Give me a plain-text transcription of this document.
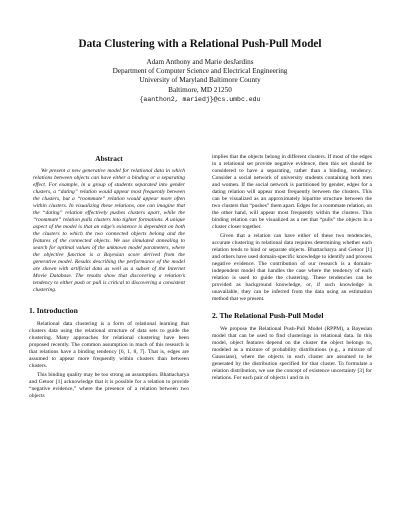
Data Clustering with a Relational Push-Pull Model
Adam Anthony and Marie desJardins
Department of Computer Science and Electrical Engineering
University of Maryland Baltimore County
Baltimore, MD 21250
{aanthon2, mariedj}@cs.umbc.edu
Abstract

We present a new generative model for relational data in which relations between objects can have either a binding or a separating effect. For example, in a group of students separated into gender clusters, a “dating” relation would appear most frequently between the clusters, but a “roommate” relation would appear more often within clusters. In visualizing these relations, one can imagine that the “dating” relation effectively pushes clusters apart, while the “roommate” relation pulls clusters into tighter formations. A unique aspect of the model is that an edge’s existence is dependent on both the clusters to which the two connected objects belong and the features of the connected objects. We use simulated annealing to search for optimal values of the unknown model parameters, where the objective function is a Bayesian score derived from the generative model. Results describing the performance of the model are shown with artificial data as well as a subset of the Internet Movie Database. The results show that discovering a relation’s tendency to either push or pull is critical to discovering a consistent clustering.

1. Introduction

Relational data clustering is a form of relational learning that clusters data using the relational structure of data sets to guide the clustering. Many approaches for relational clustering have been proposed recently. The common assumption in much of this research is that relations have a binding tendency [6, 1, 8, 7]. That is, edges are assumed to appear more frequently within clusters than between clusters.

This binding quality may be too strong an assumption. Bhattacharya and Getoor [1] acknowledge that it is possible for a relation to provide “negative evidence,” where the presence of a relation between two objects

implies that the objects belong in different clusters. If most of the edges in a relational set provide negative evidence, then this set should be considered to have a separating, rather than a binding, tendency. Consider a social network of university students containing both men and women. If the social network is partitioned by gender, edges for a dating relation will appear most frequently between the clusters. This can be visualized as an approximately bipartite structure between the two clusters that “pushes” them apart. Edges for a roommate relation, on the other hand, will appear most frequently within the clusters. This binding relation can be visualized as a net that “pulls” the objects in a cluster closer together.

Given that a relation can have either of these two tendencies, accurate clustering in relational data requires determining whether each relation tends to bind or separate objects. Bhattacharya and Getoor [1] and others have used domain-specific knowledge to identify and process negative evidence. The contribution of our research is a domain-independent model that handles the case where the tendency of each relation is used to guide the clustering. These tendencies can be provided as background knowledge, or, if such knowledge is unavailable, they can be inferred from the data using an estimation method that we present.

2. The Relational Push-Pull Model

We propose the Relational Push-Pull Model (RPPM), a Bayesian model that can be used to find clusterings in relational data. In this model, object features depend on the cluster the object belongs to, modeled as a mixture of probability distributions (e.g., a mixture of Gaussians), where the objects in each cluster are assumed to be generated by the distribution specified for that cluster. To formulate a relation distribution, we use the concept of existence uncertainty [3] for relations. For each pair of objects i and m in
